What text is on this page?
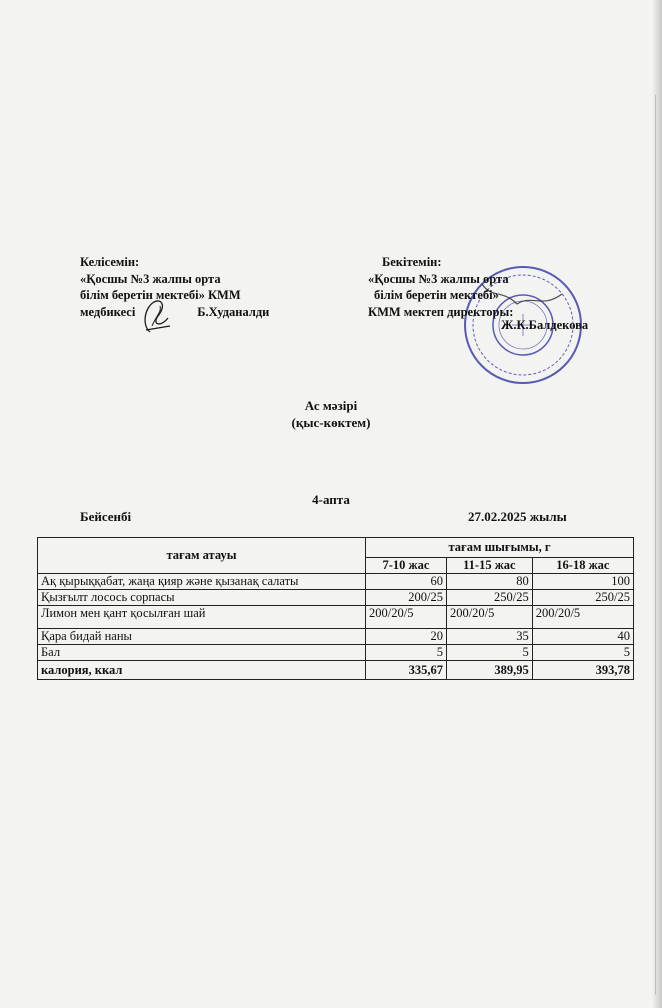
Келісемін:
«Қосшы №3 жалпы орта
білім беретін мектебі» КММ
медбикесі	Б.Худаналди
Бекітемін:
«Қосшы №3 жалпы орта
білім беретін мектебі»
КММ мектеп директоры:
Ж.К.Балдекова
Ас мәзірі
(қыс-көктем)
4-апта
Бейсенбі	27.02.2025 жылы
тағам атауы	тағам шығымы, г		
	7-10 жас	11-15 жас	16-18 жас
Ақ қырыққабат, жаңа қияр және қызанақ салаты	60	80	100
Қызғылт лосось сорпасы	200/25	250/25	250/25
Лимон мен қант қосылған шай	200/20/5	200/20/5	200/20/5
Қара бидай наны	20	35	40
Бал	5	5	5
калория, ккал	335,67	389,95	393,78
